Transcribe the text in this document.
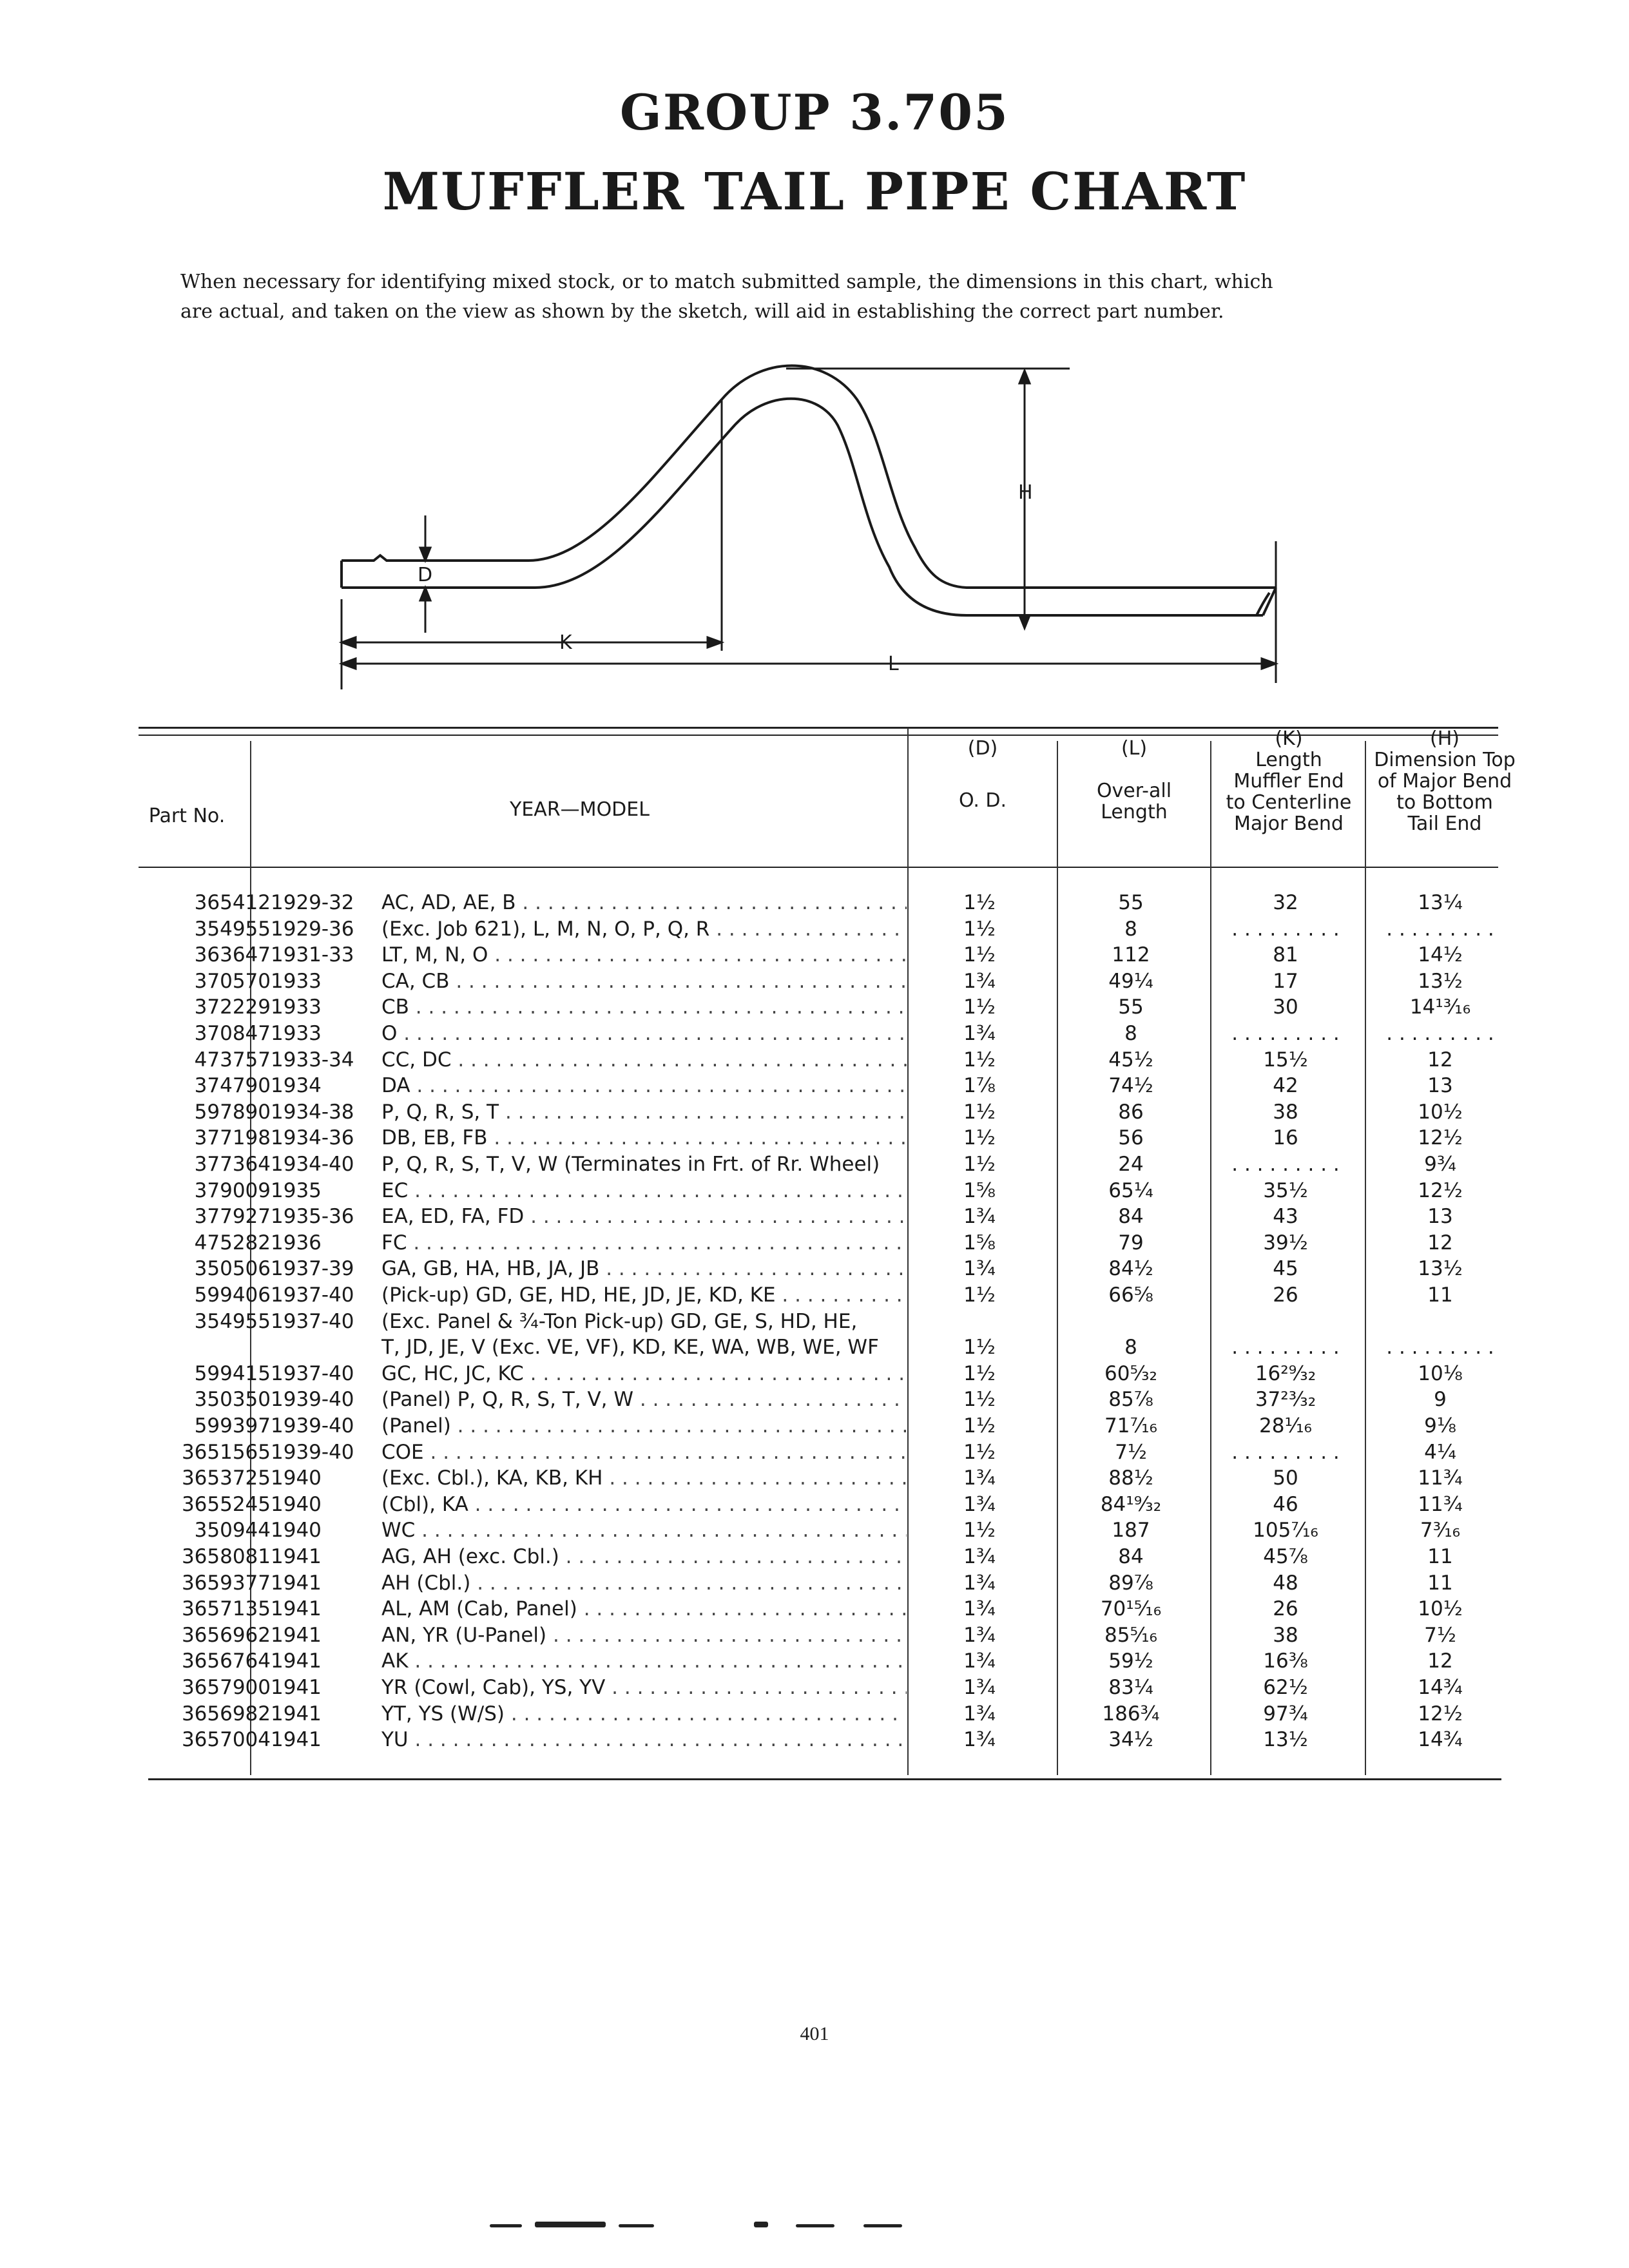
GROUP 3.705
MUFFLER TAIL PIPE CHART
When necessary for identifying mixed stock, or to match submitted sample, the dimensions in this chart, which
are actual, and taken on the view as shown by the sketch, will aid in establishing the correct part number.
D
H
K
L
Part No.	YEAR—MODEL
(D)
O. D.
(L)
Over-all
Length
(K)
Length
Muffler End
to Centerline
Major Bend
(H)
Dimension Top
of Major Bend
to Bottom
Tail End
365412 1929-32	AC, AD, AE, B . . .	1½	55	32	13¼
354955 1929-36	(Exc. Job 621), L, M, N, O, P, Q, R . . .	1½	8	. . . . . . . . .	. . . . . . . . .
363647 1931-33	LT, M, N, O . . .	1½	112	81	14½
370570 1933	CA, CB . . .	1¾	49¼	17	13½
372229 1933	CB . . .	1½	55	30	14¹³⁄₁₆
370847 1933	O . . .	1¾	8	. . . . . . . . .	. . . . . . . . .
473757 1933-34	CC, DC . . .	1½	45½	15½	12
374790 1934	DA . . .	1⅞	74½	42	13
597890 1934-38	P, Q, R, S, T . . .	1½	86	38	10½
377198 1934-36	DB, EB, FB . . .	1½	56	16	12½
377364 1934-40	P, Q, R, S, T, V, W (Terminates in Frt. of Rr. Wheel)	1½	24	. . . . . . . . .	9¾
379009 1935	EC . . .	1⅝	65¼	35½	12½
377927 1935-36	EA, ED, FA, FD . . .	1¾	84	43	13
475282 1936	FC . . .	1⅝	79	39½	12
350506 1937-39	GA, GB, HA, HB, JA, JB . . .	1¾	84½	45	13½
599406 1937-40	(Pick-up) GD, GE, HD, HE, JD, JE, KD, KE . . .	1½	66⅝	26	11
354955 1937-40	(Exc. Panel & ¾-Ton Pick-up) GD, GE, S, HD, HE,
T, JD, JE, V (Exc. VE, VF), KD, KE, WA, WB, WE, WF	1½	8	. . . . . . . . .	. . . . . . . . .
599415 1937-40	GC, HC, JC, KC . . .	1½	60⁵⁄₃₂	16²⁹⁄₃₂	10⅛
350350 1939-40	(Panel) P, Q, R, S, T, V, W . . .	1½	85⅞	37²³⁄₃₂	9
599397 1939-40	(Panel) . . .	1½	71⁷⁄₁₆	28¹⁄₁₆	9⅛
3651565 1939-40	COE . . .	1½	7½	. . . . . . . . .	4¼
3653725 1940	(Exc. Cbl.), KA, KB, KH . . .	1¾	88½	50	11¾
3655245 1940	(Cbl), KA . . .	1¾	84¹⁹⁄₃₂	46	11¾
350944 1940	WC . . .	1½	187	105⁷⁄₁₆	7³⁄₁₆
3658081 1941	AG, AH (exc. Cbl.) . . .	1¾	84	45⅞	11
3659377 1941	AH (Cbl.) . . .	1¾	89⅞	48	11
3657135 1941	AL, AM (Cab, Panel) . . .	1¾	70¹⁵⁄₁₆	26	10½
3656962 1941	AN, YR (U-Panel) . . .	1¾	85⁵⁄₁₆	38	7½
3656764 1941	AK . . .	1¾	59½	16⅜	12
3657900 1941	YR (Cowl, Cab), YS, YV . . .	1¾	83¼	62½	14¾
3656982 1941	YT, YS (W/S) . . .	1¾	186¾	97¾	12½
3657004 1941	YU . . .	1¾	34½	13½	14¾
401
